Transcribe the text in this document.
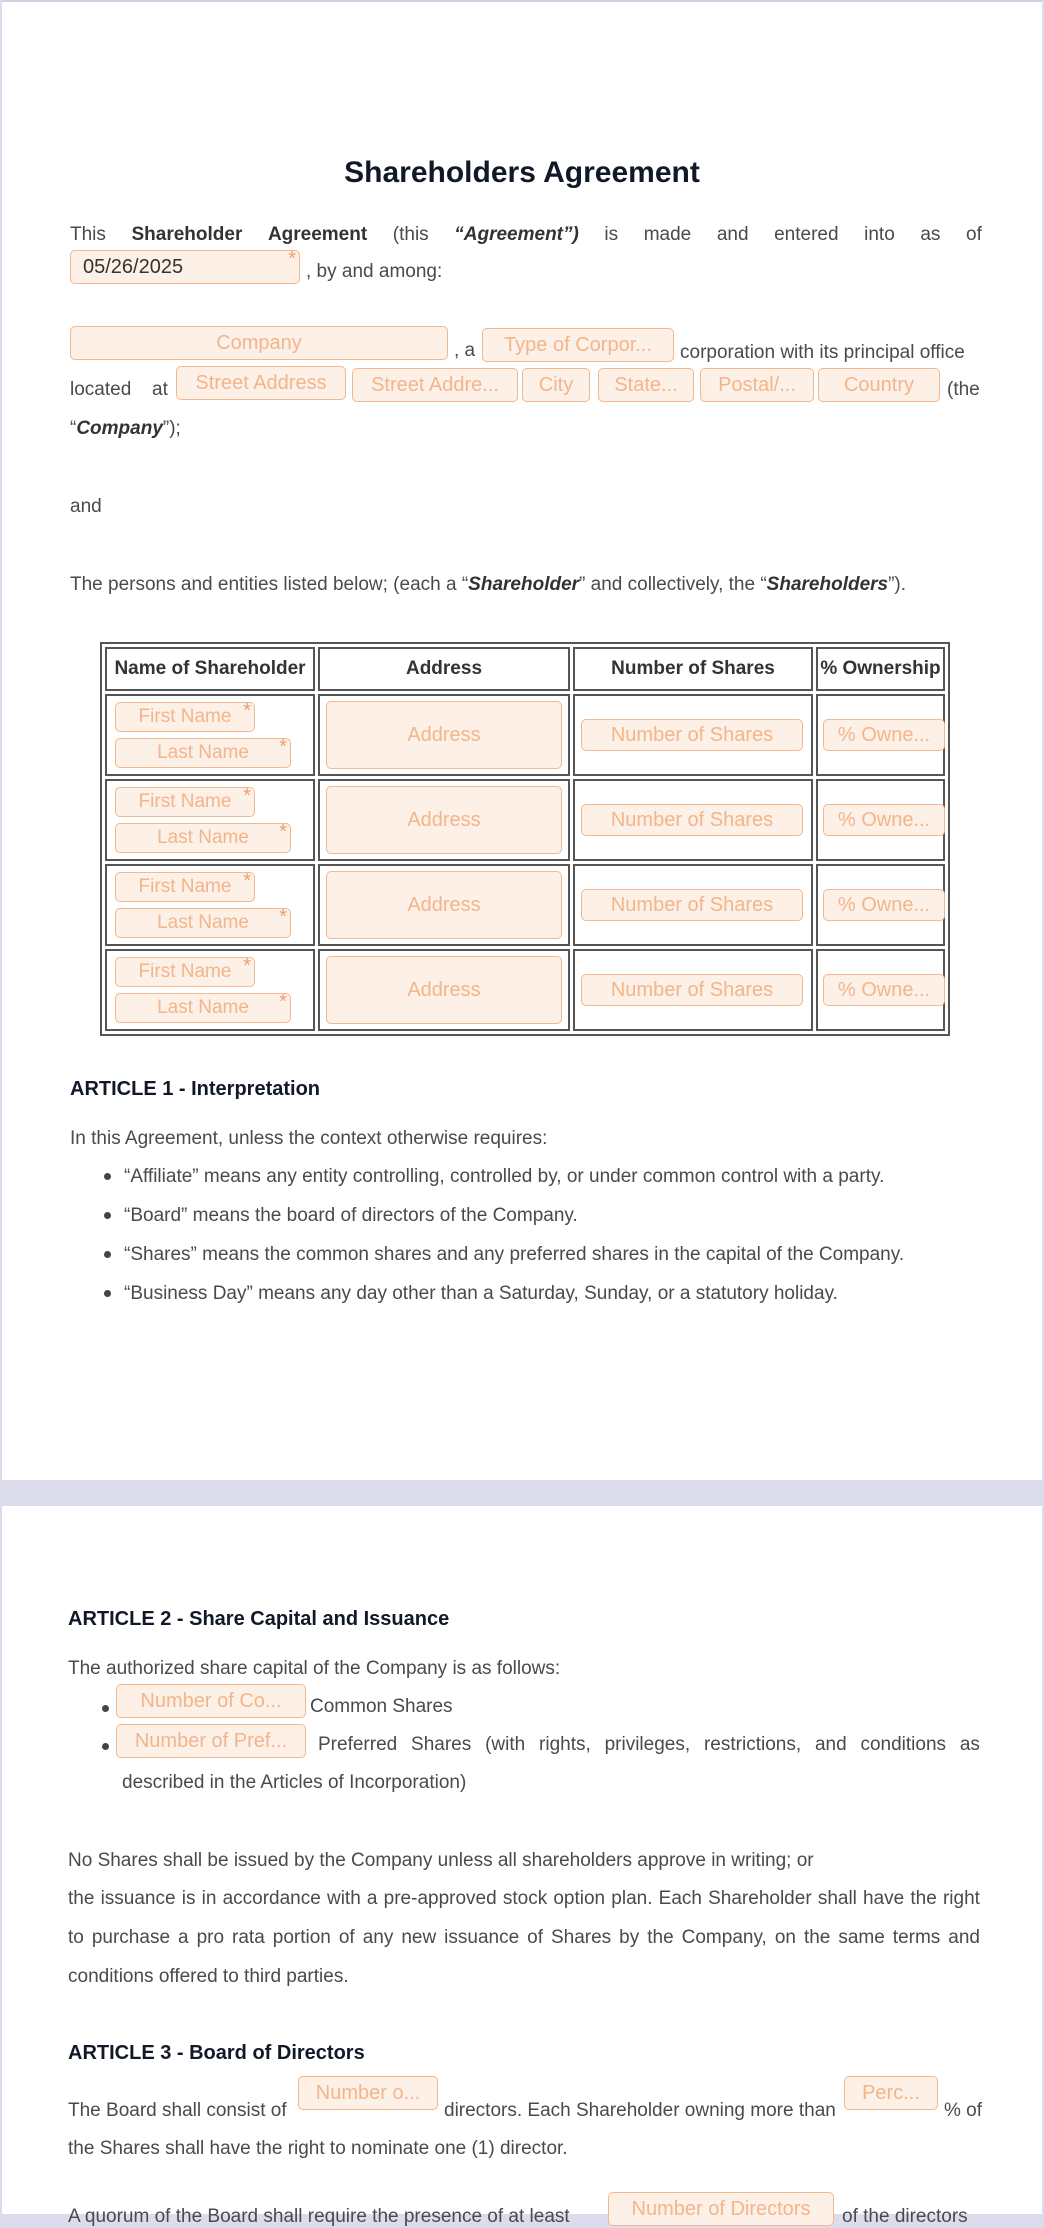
Shareholders Agreement
This Shareholder Agreement (this “Agreement”) is made and entered into as of
05/26/2025	*
, by and among:
Company	, a	Type of Corpor...	corporation with its principal office
located at	Street Address	Street Addre...	City	State...	Postal/...	Country	(the
“Company”);
and
The persons and entities listed below; (each a “Shareholder” and collectively, the “Shareholders”).
Name of Shareholder	Address	Number of Shares	% Ownership

First Name *
Last Name *	Address	Number of Shares	% Owne...

First Name *
Last Name *	Address	Number of Shares	% Owne...

First Name *
Last Name *	Address	Number of Shares	% Owne...

First Name *
Last Name *	Address	Number of Shares	% Owne...
ARTICLE 1 - Interpretation
In this Agreement, unless the context otherwise requires:
“Affiliate” means any entity controlling, controlled by, or under common control with a party.
“Board” means the board of directors of the Company.
“Shares” means the common shares and any preferred shares in the capital of the Company.
“Business Day” means any day other than a Saturday, Sunday, or a statutory holiday.
ARTICLE 2 - Share Capital and Issuance
The authorized share capital of the Company is as follows:
Number of Co...	Common Shares
Number of Pref...	Preferred Shares (with rights, privileges, restrictions, and conditions as
described in the Articles of Incorporation)
No Shares shall be issued by the Company unless all shareholders approve in writing; or
the issuance is in accordance with a pre-approved stock option plan. Each Shareholder shall have the right
to purchase a pro rata portion of any new issuance of Shares by the Company, on the same terms and
conditions offered to third parties.
ARTICLE 3 - Board of Directors
The Board shall consist of
Number o...
directors. Each Shareholder owning more than
Perc...
% of
the Shares shall have the right to nominate one (1) director.
A quorum of the Board shall require the presence of at least	Number of Directors	of the directors
